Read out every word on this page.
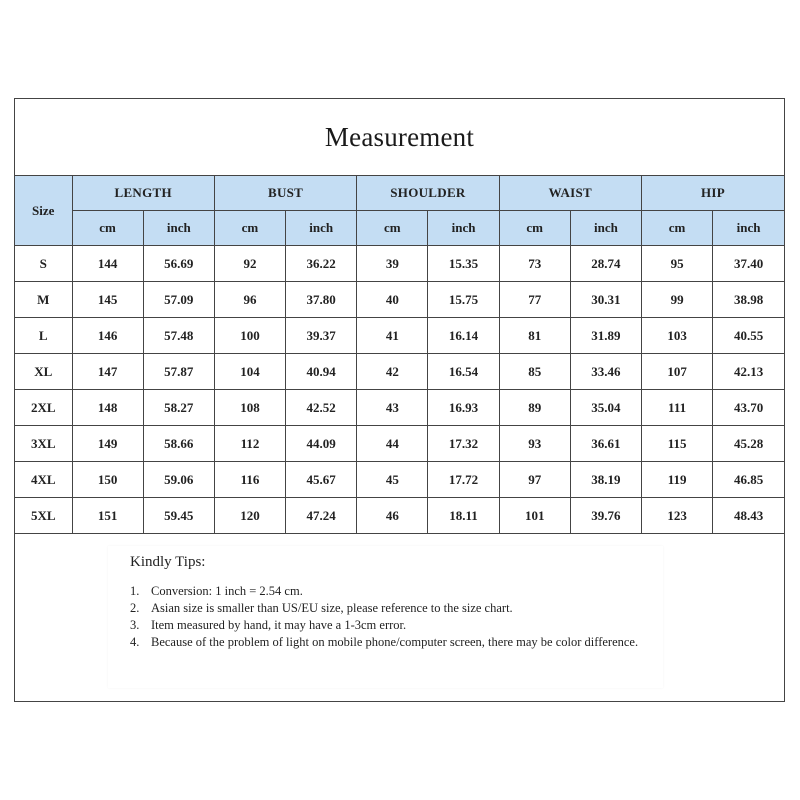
Measurement
Size	LENGTH		BUST		SHOULDER		WAIST		HIP	
	cm	inch	cm	inch	cm	inch	cm	inch	cm	inch
S	144	56.69	92	36.22	39	15.35	73	28.74	95	37.40
M	145	57.09	96	37.80	40	15.75	77	30.31	99	38.98
L	146	57.48	100	39.37	41	16.14	81	31.89	103	40.55
XL	147	57.87	104	40.94	42	16.54	85	33.46	107	42.13
2XL	148	58.27	108	42.52	43	16.93	89	35.04	111	43.70
3XL	149	58.66	112	44.09	44	17.32	93	36.61	115	45.28
4XL	150	59.06	116	45.67	45	17.72	97	38.19	119	46.85
5XL	151	59.45	120	47.24	46	18.11	101	39.76	123	48.43
Kindly Tips:
1. Conversion: 1 inch = 2.54 cm.
2. Asian size is smaller than US/EU size, please reference to the size chart.
3. Item measured by hand, it may have a 1-3cm error.
4. Because of the problem of light on mobile phone/computer screen, there may be color difference.
